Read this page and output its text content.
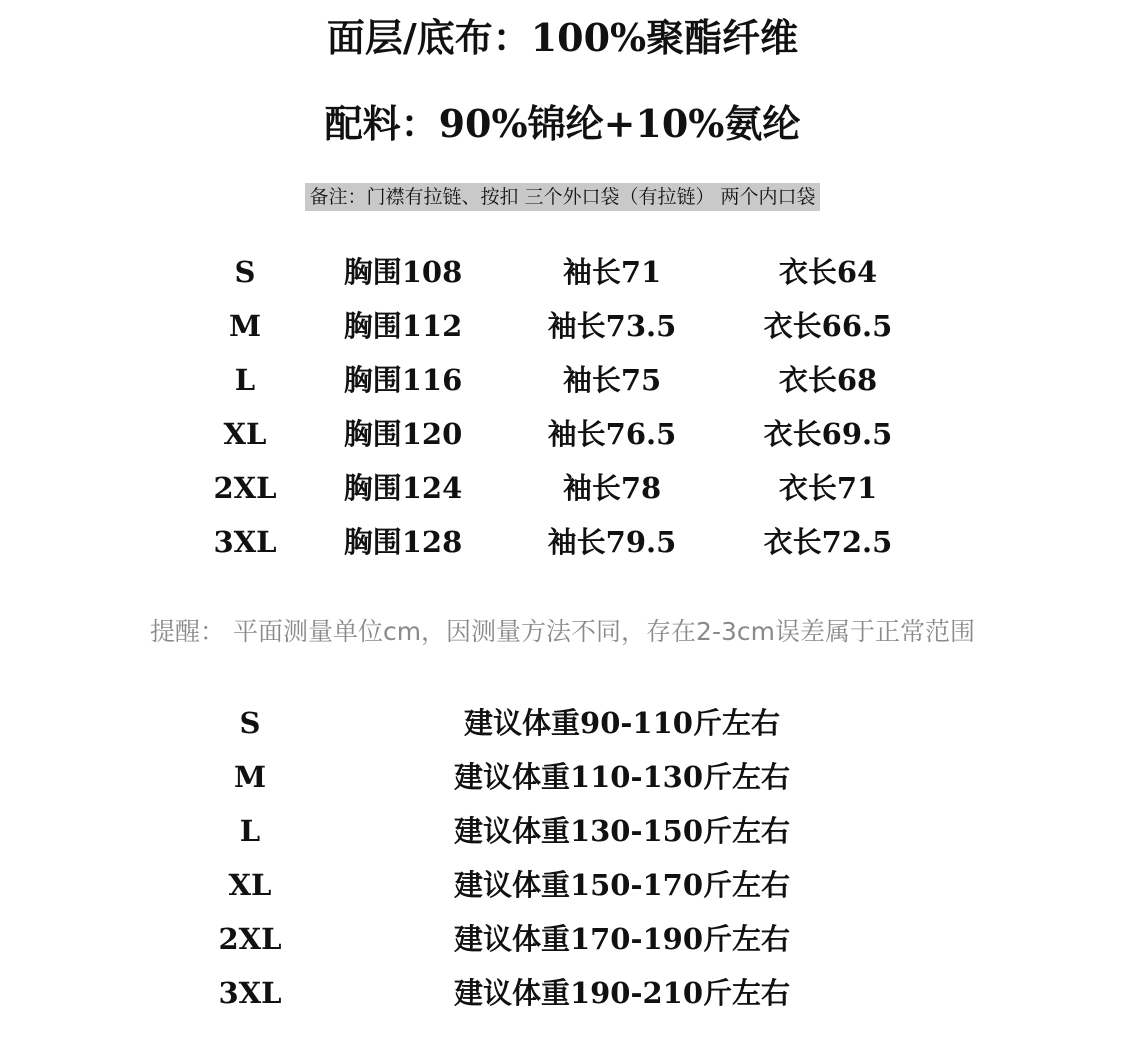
面层/底布：100%聚酯纤维
配料：90%锦纶+10%氨纶
备注：门襟有拉链、按扣 三个外口袋（有拉链） 两个内口袋
S	胸围108	袖长71	衣长64
M	胸围112	袖长73.5	衣长66.5
L	胸围116	袖长75	衣长68
XL	胸围120	袖长76.5	衣长69.5
2XL	胸围124	袖长78	衣长71
3XL	胸围128	袖长79.5	衣长72.5
提醒： 平面测量单位cm，因测量方法不同，存在2-3cm误差属于正常范围
S	建议体重90-110斤左右
M	建议体重110-130斤左右
L	建议体重130-150斤左右
XL	建议体重150-170斤左右
2XL	建议体重170-190斤左右
3XL	建议体重190-210斤左右
